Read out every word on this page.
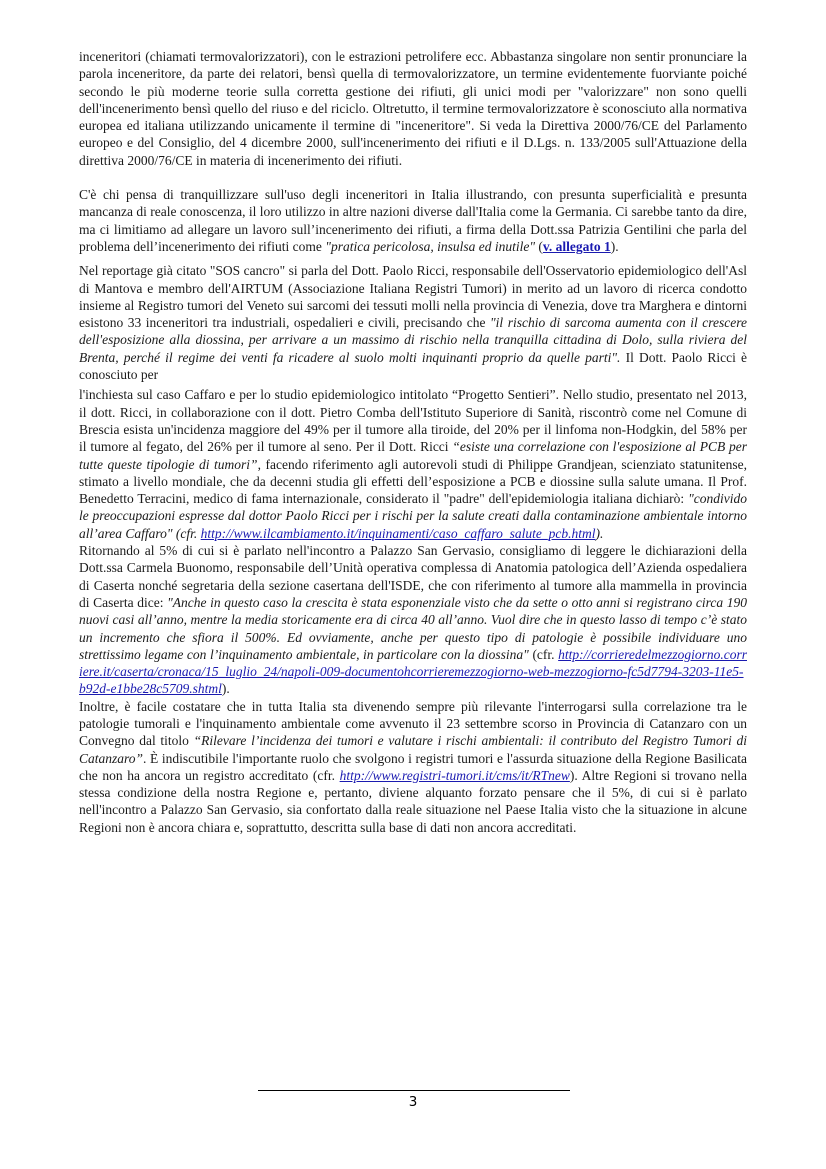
inceneritori (chiamati termovalorizzatori), con le estrazioni petrolifere ecc. Abbastanza singolare non sentir pronunciare la parola inceneritore, da parte dei relatori, bensì quella di termovalorizzatore, un termine evidentemente fuorviante poiché secondo le più moderne teorie sulla corretta gestione dei rifiuti, gli unici modi per "valorizzare" non sono quelli dell'incenerimento bensì quello del riuso e del riciclo. Oltretutto, il termine termovalorizzatore è sconosciuto alla normativa europea ed italiana utilizzando unicamente il termine di "inceneritore". Si veda la Direttiva 2000/76/CE del Parlamento europeo e del Consiglio, del 4 dicembre 2000, sull'incenerimento dei rifiuti e il D.Lgs. n. 133/2005 sull'Attuazione della direttiva 2000/76/CE in materia di incenerimento dei rifiuti.

C'è chi pensa di tranquillizzare sull'uso degli inceneritori in Italia illustrando, con presunta superficialità e presunta mancanza di reale conoscenza, il loro utilizzo in altre nazioni diverse dall'Italia come la Germania. Ci sarebbe tanto da dire, ma ci limitiamo ad allegare un lavoro sull’incenerimento dei rifiuti, a firma della Dott.ssa Patrizia Gentilini che parla del problema dell’incenerimento dei rifiuti come "pratica pericolosa, insulsa ed inutile" (v. allegato 1).

Nel reportage già citato "SOS cancro" si parla del Dott. Paolo Ricci, responsabile dell'Osservatorio epidemiologico dell'Asl di Mantova e membro dell'AIRTUM (Associazione Italiana Registri Tumori) in merito ad un lavoro di ricerca condotto insieme al Registro tumori del Veneto sui sarcomi dei tessuti molli nella provincia di Venezia, dove tra Marghera e dintorni esistono 33 inceneritori tra industriali, ospedalieri e civili, precisando che "il rischio di sarcoma aumenta con il crescere dell'esposizione alla diossina, per arrivare a un massimo di rischio nella tranquilla cittadina di Dolo, sulla riviera del Brenta, perché il regime dei venti fa ricadere al suolo molti inquinanti proprio da quelle parti". Il Dott. Paolo Ricci è conosciuto per

l'inchiesta sul caso Caffaro e per lo studio epidemiologico intitolato “Progetto Sentieri”. Nello studio, presentato nel 2013, il dott. Ricci, in collaborazione con il dott. Pietro Comba dell'Istituto Superiore di Sanità, riscontrò come nel Comune di Brescia esista un'incidenza maggiore del 49% per il tumore alla tiroide, del 20% per il linfoma non-Hodgkin, del 58% per il tumore al fegato, del 26% per il tumore al seno. Per il Dott. Ricci “esiste una correlazione con l'esposizione al PCB per tutte queste tipologie di tumori”, facendo riferimento agli autorevoli studi di Philippe Grandjean, scienziato statunitense, stimato a livello mondiale, che da decenni studia gli effetti dell’esposizione a PCB e diossine sulla salute umana. Il Prof. Benedetto Terracini, medico di fama internazionale, considerato il "padre" dell'epidemiologia italiana dichiarò: "condivido le preoccupazioni espresse dal dottor Paolo Ricci per i rischi per la salute creati dalla contaminazione ambientale intorno all’area Caffaro" (cfr. http://www.ilcambiamento.it/inquinamenti/caso_caffaro_salute_pcb.html).

Ritornando al 5% di cui si è parlato nell'incontro a Palazzo San Gervasio, consigliamo di leggere le dichiarazioni della Dott.ssa Carmela Buonomo, responsabile dell’Unità operativa complessa di Anatomia patologica dell’Azienda ospedaliera di Caserta nonché segretaria della sezione casertana dell'ISDE, che con riferimento al tumore alla mammella in provincia di Caserta dice: "Anche in questo caso la crescita è stata esponenziale visto che da sette o otto anni si registrano circa 190 nuovi casi all’anno, mentre la media storicamente era di circa 40 all’anno. Vuol dire che in questo lasso di tempo c’è stato un incremento che sfiora il 500%. Ed ovviamente, anche per questo tipo di patologie è possibile individuare uno strettissimo legame con l’inquinamento ambientale, in particolare con la diossina" (cfr. http://corrieredelmezzogiorno.corriere.it/caserta/cronaca/15_luglio_24/napoli-009-documentohcorrieremezzogiorno-web-mezzogiorno-fc5d7794-3203-11e5-b92d-e1bbe28c5709.shtml).

Inoltre, è facile costatare che in tutta Italia sta divenendo sempre più rilevante l'interrogarsi sulla correlazione tra le patologie tumorali e l'inquinamento ambientale come avvenuto il 23 settembre scorso in Provincia di Catanzaro con un Convegno dal titolo “Rilevare l’incidenza dei tumori e valutare i rischi ambientali: il contributo del Registro Tumori di Catanzaro”. È indiscutibile l'importante ruolo che svolgono i registri tumori e l'assurda situazione della Regione Basilicata che non ha ancora un registro accreditato (cfr. http://www.registri-tumori.it/cms/it/RTnew). Altre Regioni si trovano nella stessa condizione della nostra Regione e, pertanto, diviene alquanto forzato pensare che il 5%, di cui si è parlato nell'incontro a Palazzo San Gervasio, sia confortato dalla reale situazione nel Paese Italia visto che la situazione in alcune Regioni non è ancora chiara e, soprattutto, descritta sulla base di dati non ancora accreditati.

3
